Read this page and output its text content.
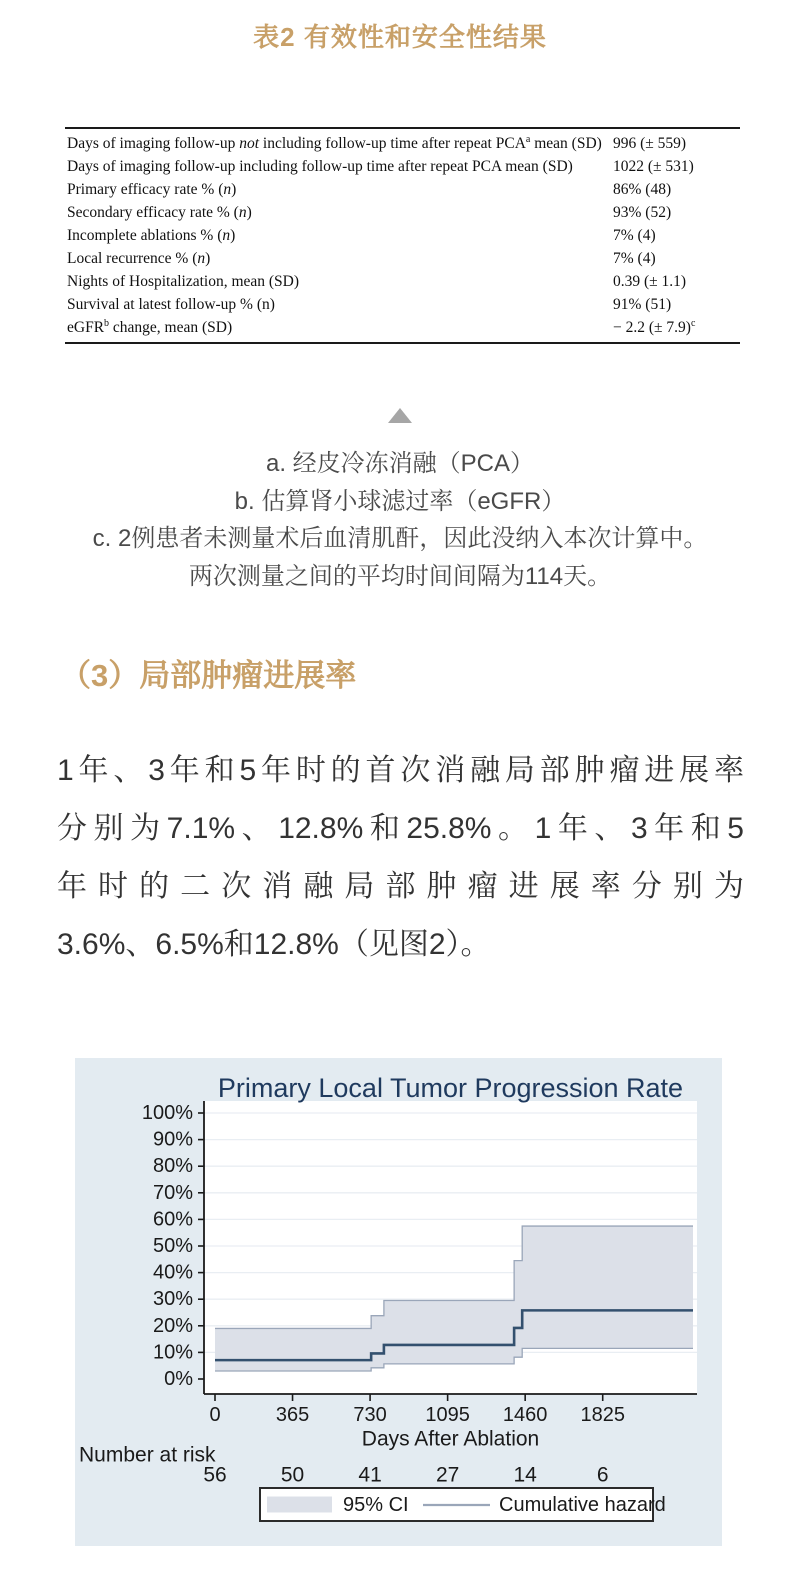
表2 有效性和安全性结果
Days of imaging follow-up not including follow-up time after repeat PCA$^a$ mean (SD) 996 (± 559)
Days of imaging follow-up including follow-up time after repeat PCA mean (SD)	1022 (± 531)
Primary efficacy rate % (n)	86% (48)
Secondary efficacy rate % (n)	93% (52)
Incomplete ablations % (n)	7% (4)
Local recurrence % (n)	7% (4)
Nights of Hospitalization, mean (SD)	0.39 (± 1.1)
Survival at latest follow-up % (n)	91% (51)
eGFR$^b$ change, mean (SD)	− 2.2 (± 7.9)$^c$
a. 经皮冷冻消融（PCA）
b. 估算肾小球滤过率（eGFR）
c. 2例患者未测量术后血清肌酐，因此没纳入本次计算中。
两次测量之间的平均时间间隔为114天。
（3）局部肿瘤进展率
1年、3年和5年时的首次消融局部肿瘤进展率
分别为7.1%、12.8%和25.8%。1年、3年和5
年时的二次消融局部肿瘤进展率分别为
3.6%、6.5%和12.8%（见图2）。
0%
10%
20%
30%
40%
50%
60%
70%
80%
90%
100%
0	365 730 1095 1460 1825
Primary Local Tumor Progression Rate
Days After Ablation
Number at risk
56	50	41	27	14	6
95% CI	Cumulative hazard
